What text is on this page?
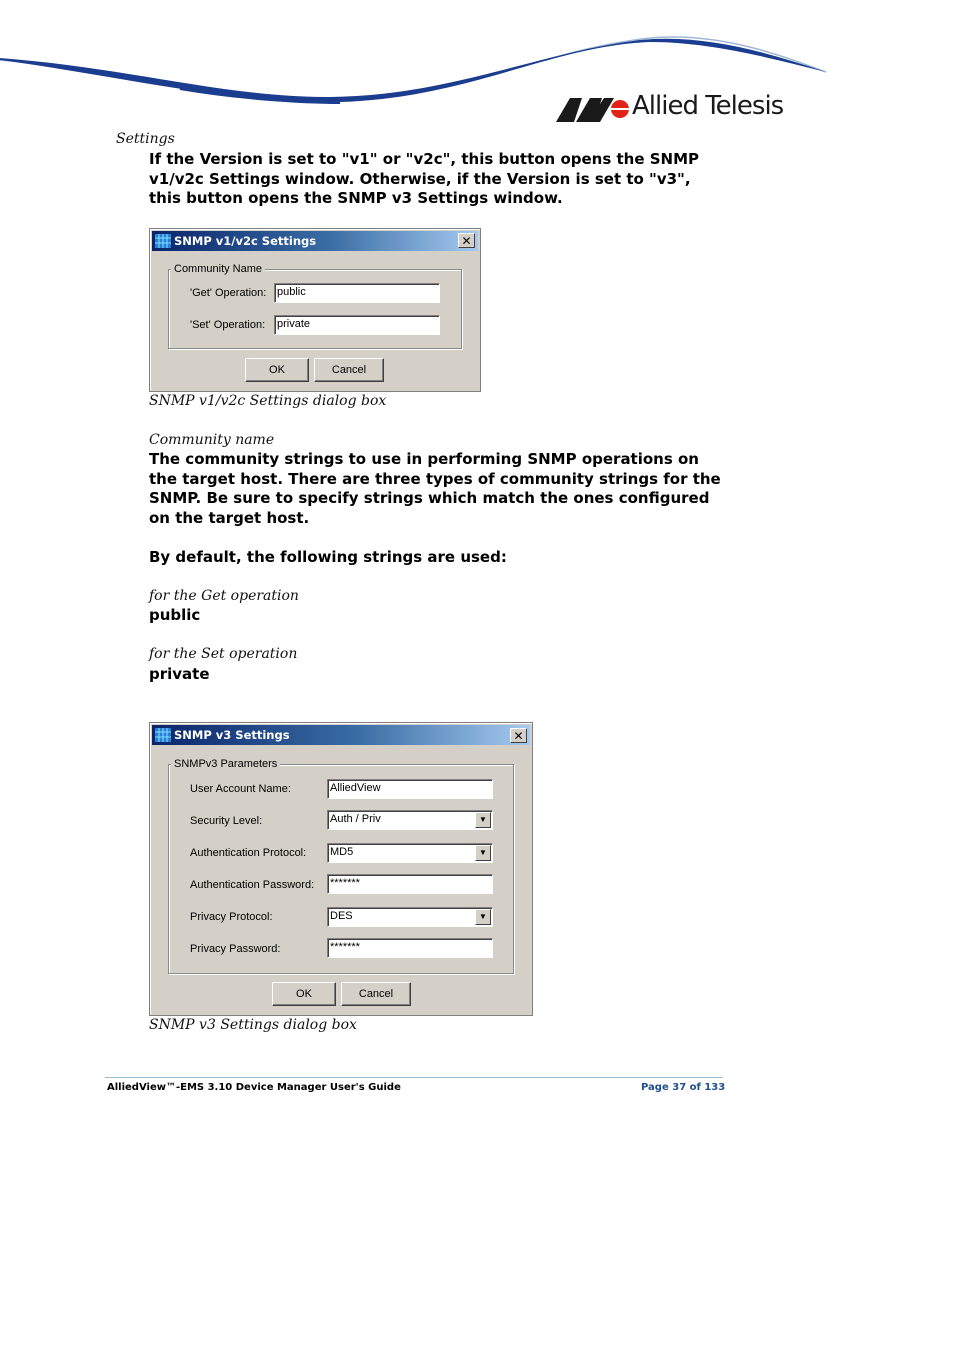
Allied Telesis
Settings
If the Version is set to "v1" or "v2c", this button opens the SNMP v1/v2c Settings window. Otherwise, if the Version is set to "v3", this button opens the SNMP v3 Settings window.
SNMP v1/v2c Settings	✕
Community Name
'Get' Operation: public
'Set' Operation: private
OK	Cancel
SNMP v1/v2c Settings dialog box
Community name
The community strings to use in performing SNMP operations on the target host. There are three types of community strings for the SNMP. Be sure to specify strings which match the ones configured on the target host.
By default, the following strings are used:
for the Get operation
public
for the Set operation
private
SNMP v3 Settings	✕
SNMPv3 Parameters
User Account Name:	AlliedView
Security Level:	Auth / Priv	▼
Authentication Protocol: MD5	▼
Authentication Password: *******
Privacy Protocol:	DES	▼
Privacy Password:	*******
OK	Cancel
SNMP v3 Settings dialog box
AlliedView™-EMS 3.10 Device Manager User's Guide	Page 37 of 133
